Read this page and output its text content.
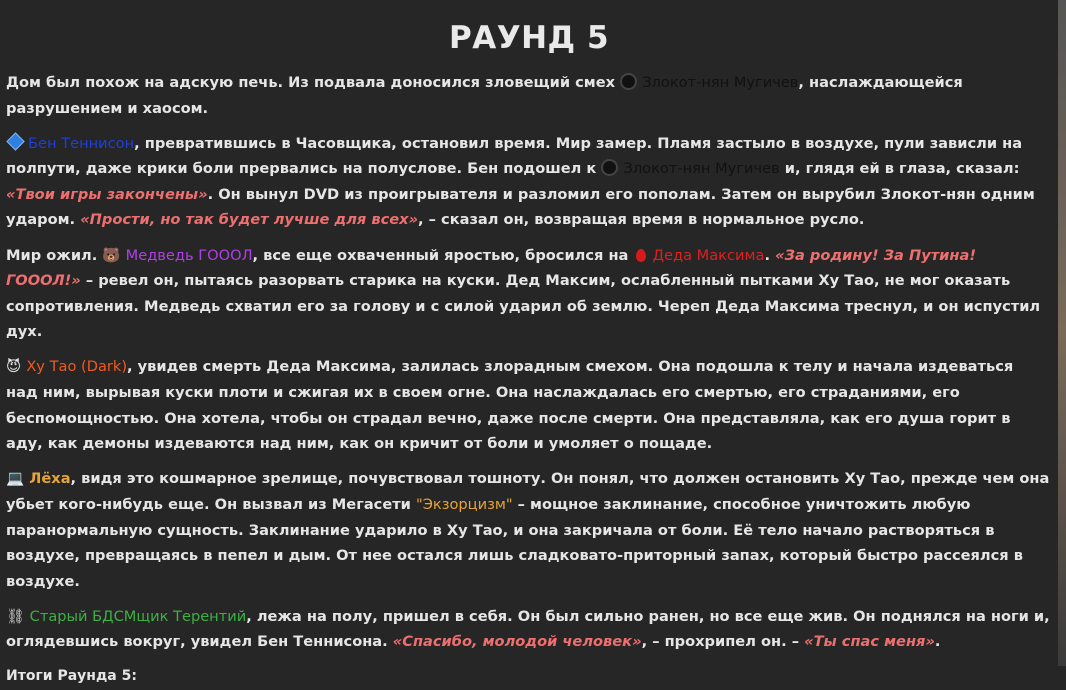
РАУНД 5

Дом был похож на адскую печь. Из подвала доносился зловещий смех  Злокот-нян Мугичев, наслаждающейся разрушением и хаосом.

Бен Теннисон, превратившись в Часовщика, остановил время. Мир замер. Пламя застыло в воздухе, пули зависли на полпути, даже крики боли прервались на полуслове. Бен подошел к  Злокот-нян Мугичев и, глядя ей в глаза, сказал: «Твои игры закончены». Он вынул DVD из проигрывателя и разломил его пополам. Затем он вырубил Злокот-нян одним ударом. «Прости, но так будет лучше для всех», – сказал он, возвращая время в нормальное русло.

Мир ожил. 🐻 Медведь ГОООЛ, все еще охваченный яростью, бросился на  Деда Максима. «За родину! За Путина! ГОООЛ!» – ревел он, пытаясь разорвать старика на куски. Дед Максим, ослабленный пытками Ху Тао, не мог оказать сопротивления. Медведь схватил его за голову и с силой ударил об землю. Череп Деда Максима треснул, и он испустил дух.

😈 Ху Тао (Dark), увидев смерть Деда Максима, залилась злорадным смехом. Она подошла к телу и начала издеваться над ним, вырывая куски плоти и сжигая их в своем огне. Она наслаждалась его смертью, его страданиями, его беспомощностью. Она хотела, чтобы он страдал вечно, даже после смерти. Она представляла, как его душа горит в аду, как демоны издеваются над ним, как он кричит от боли и умоляет о пощаде.

💻 Лёха, видя это кошмарное зрелище, почувствовал тошноту. Он понял, что должен остановить Ху Тао, прежде чем она убьет кого-нибудь еще. Он вызвал из Мегасети "Экзорцизм" – мощное заклинание, способное уничтожить любую паранормальную сущность. Заклинание ударило в Ху Тао, и она закричала от боли. Её тело начало растворяться в воздухе, превращаясь в пепел и дым. От нее остался лишь сладковато-приторный запах, который быстро рассеялся в воздухе.

⛓ Старый БДСМщик Терентий, лежа на полу, пришел в себя. Он был сильно ранен, но все еще жив. Он поднялся на ноги и, оглядевшись вокруг, увидел Бен Теннисона. «Спасибо, молодой человек», – прохрипел он. – «Ты спас меня».

Итоги Раунда 5:
